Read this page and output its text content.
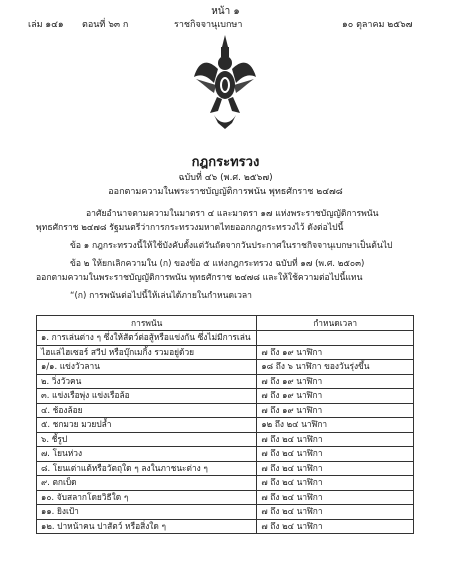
หน้า ๑
เล่ม ๑๔๑ ตอนที่ ๖๓ ก	ราชกิจจานุเบกษา	๑๐ ตุลาคม ๒๕๖๗
กฎกระทรวง
ฉบับที่ ๔๖ (พ.ศ. ๒๕๖๗)
ออกตามความในพระราชบัญญัติการพนัน พุทธศักราช ๒๔๗๘
อาศัยอำนาจตามความในมาตรา ๔ และมาตรา ๑๗ แห่งพระราชบัญญัติการพนัน
พุทธศักราช ๒๔๗๘ รัฐมนตรีว่าการกระทรวงมหาดไทยออกกฎกระทรวงไว้ ดังต่อไปนี้
ข้อ ๑ กฎกระทรวงนี้ให้ใช้บังคับตั้งแต่วันถัดจากวันประกาศในราชกิจจานุเบกษาเป็นต้นไป
ข้อ ๒ ให้ยกเลิกความใน (ก) ของข้อ ๕ แห่งกฎกระทรวง ฉบับที่ ๑๗ (พ.ศ. ๒๕๐๓)
ออกตามความในพระราชบัญญัติการพนัน พุทธศักราช ๒๔๗๘ และให้ใช้ความต่อไปนี้แทน
“(ก) การพนันต่อไปนี้ให้เล่นได้ภายในกำหนดเวลา
การพนัน	กำหนดเวลา
๑. การเล่นต่าง ๆ ซึ่งให้สัตว์ต่อสู้หรือแข่งกัน ซึ่งไม่มีการเล่น	
ไฮแล่ไฮเซอร์ สวีป หรือบุ๊กเมกิ้ง รวมอยู่ด้วย	๗ ถึง ๑๙ นาฬิกา
๑/๑. แข่งวัวลาน	๑๘ ถึง ๖ นาฬิกา ของวันรุ่งขึ้น
๒. วิ่งวัวคน	๗ ถึง ๑๙ นาฬิกา
๓. แข่งเรือพุ่ง แข่งเรือล้อ	๗ ถึง ๑๙ นาฬิกา
๔. ช้องล้อย	๗ ถึง ๑๙ นาฬิกา
๕. ชกมวย มวยปล้ำ	๑๒ ถึง ๒๔ นาฬิกา
๖. ชี้รูป	๗ ถึง ๒๔ นาฬิกา
๗. โยนห่วง	๗ ถึง ๒๔ นาฬิกา
๘. โยนเต่าแต้หรือวัตถุใด ๆ ลงในภาชนะต่าง ๆ	๗ ถึง ๒๔ นาฬิกา
๙. ตกเบ็ด	๗ ถึง ๒๔ นาฬิกา
๑๐. จับสลากโดยวิธีใด ๆ	๗ ถึง ๒๔ นาฬิกา
๑๑. ยิงเป้า	๗ ถึง ๒๔ นาฬิกา
๑๒. ปาหน้าคน ปาสัตว์ หรือสิ่งใด ๆ	๗ ถึง ๒๔ นาฬิกา
